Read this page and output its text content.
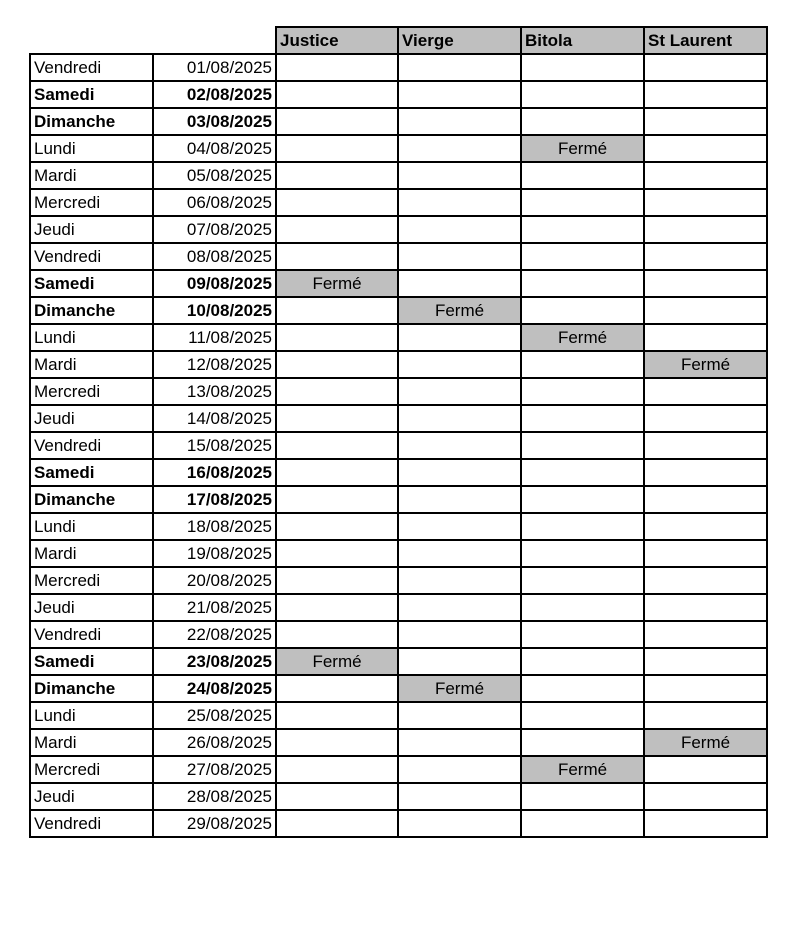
		Justice	Vierge	Bitola	St Laurent
Vendredi	01/08/2025				
Samedi	02/08/2025				
Dimanche	03/08/2025				
Lundi	04/08/2025			Fermé	
Mardi	05/08/2025				
Mercredi	06/08/2025				
Jeudi	07/08/2025				
Vendredi	08/08/2025				
Samedi	09/08/2025	Fermé			
Dimanche	10/08/2025		Fermé		
Lundi	11/08/2025			Fermé	
Mardi	12/08/2025				Fermé
Mercredi	13/08/2025				
Jeudi	14/08/2025				
Vendredi	15/08/2025				
Samedi	16/08/2025				
Dimanche	17/08/2025				
Lundi	18/08/2025				
Mardi	19/08/2025				
Mercredi	20/08/2025				
Jeudi	21/08/2025				
Vendredi	22/08/2025				
Samedi	23/08/2025	Fermé			
Dimanche	24/08/2025		Fermé		
Lundi	25/08/2025				
Mardi	26/08/2025				Fermé
Mercredi	27/08/2025			Fermé	
Jeudi	28/08/2025				
Vendredi	29/08/2025				
